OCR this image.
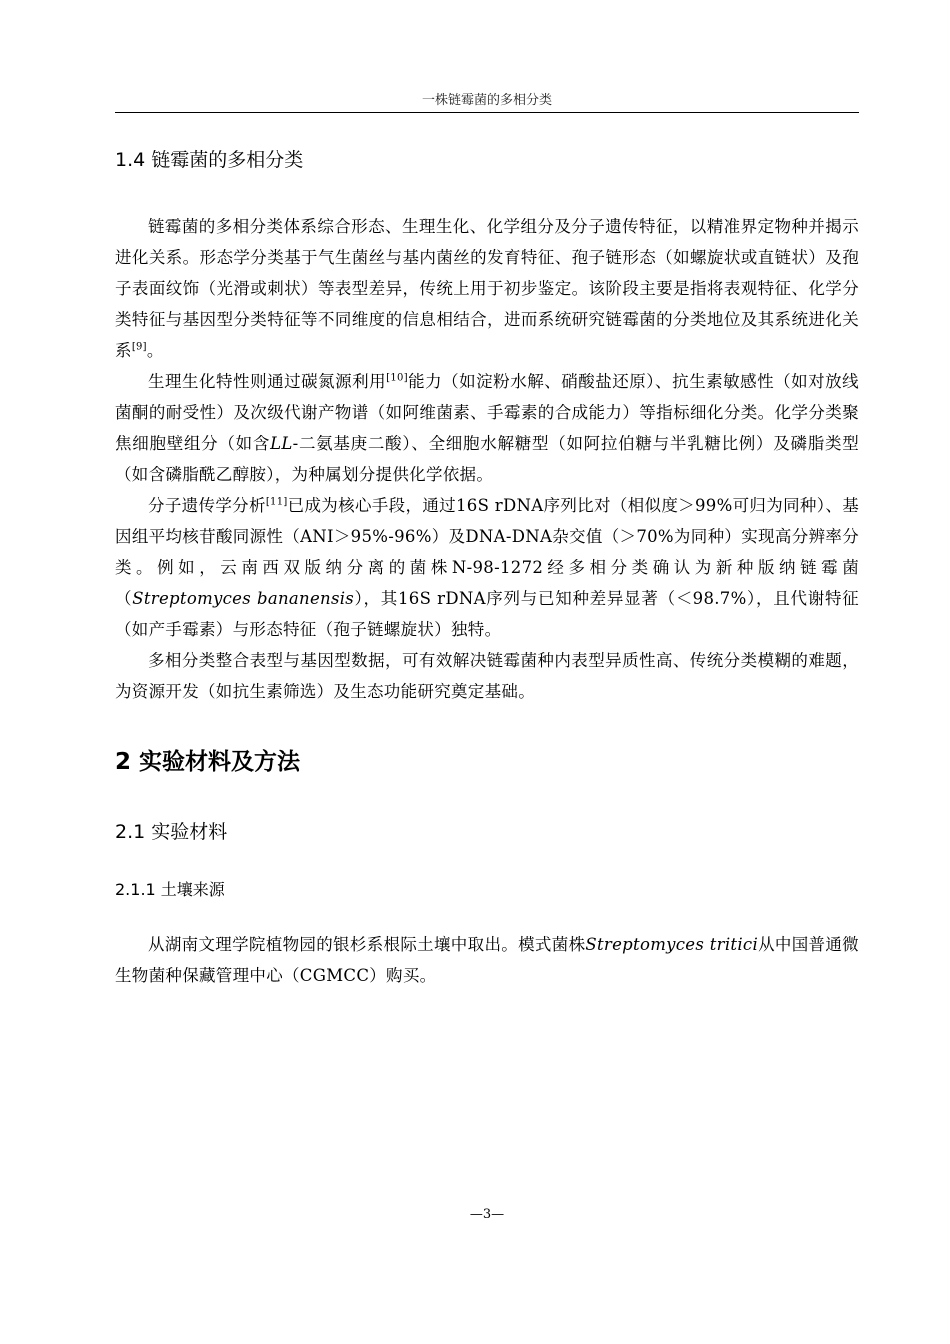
一株链霉菌的多相分类
1.4 链霉菌的多相分类

链霉菌的多相分类体系综合形态、生理生化、化学组分及分子遗传特征，以精准界定物种并揭示进化关系。形态学分类基于气生菌丝与基内菌丝的发育特征、孢子链形态（如螺旋状或直链状）及孢子表面纹饰（光滑或刺状）等表型差异，传统上用于初步鉴定。该阶段主要是指将表观特征、化学分类特征与基因型分类特征等不同维度的信息相结合，进而系统研究链霉菌的分类地位及其系统进化关系[9]。

生理生化特性则通过碳氮源利用[10]能力（如淀粉水解、硝酸盐还原）、抗生素敏感性（如对放线菌酮的耐受性）及次级代谢产物谱（如阿维菌素、手霉素的合成能力）等指标细化分类。化学分类聚焦细胞壁组分（如含LL-二氨基庚二酸）、全细胞水解糖型（如阿拉伯糖与半乳糖比例）及磷脂类型（如含磷脂酰乙醇胺），为种属划分提供化学依据。

分子遗传学分析[11]已成为核心手段，通过16S rDNA序列比对（相似度＞99%可归为同种）、基因组平均核苷酸同源性（ANI＞95%-96%）及DNA-DNA杂交值（＞70%为同种）实现高分辨率分类。例如，云南西双版纳分离的菌株N-98-1272经多相分类确认为新种版纳链霉菌（Streptomyces bananensis），其16S rDNA序列与已知种差异显著（＜98.7%），且代谢特征（如产手霉素）与形态特征（孢子链螺旋状）独特。

多相分类整合表型与基因型数据，可有效解决链霉菌种内表型异质性高、传统分类模糊的难题，为资源开发（如抗生素筛选）及生态功能研究奠定基础。

2 实验材料及方法
2.1 实验材料
2.1.1 土壤来源

从湖南文理学院植物园的银杉系根际土壤中取出。模式菌株Streptomyces tritici从中国普通微生物菌种保藏管理中心（CGMCC）购买。

—3—
